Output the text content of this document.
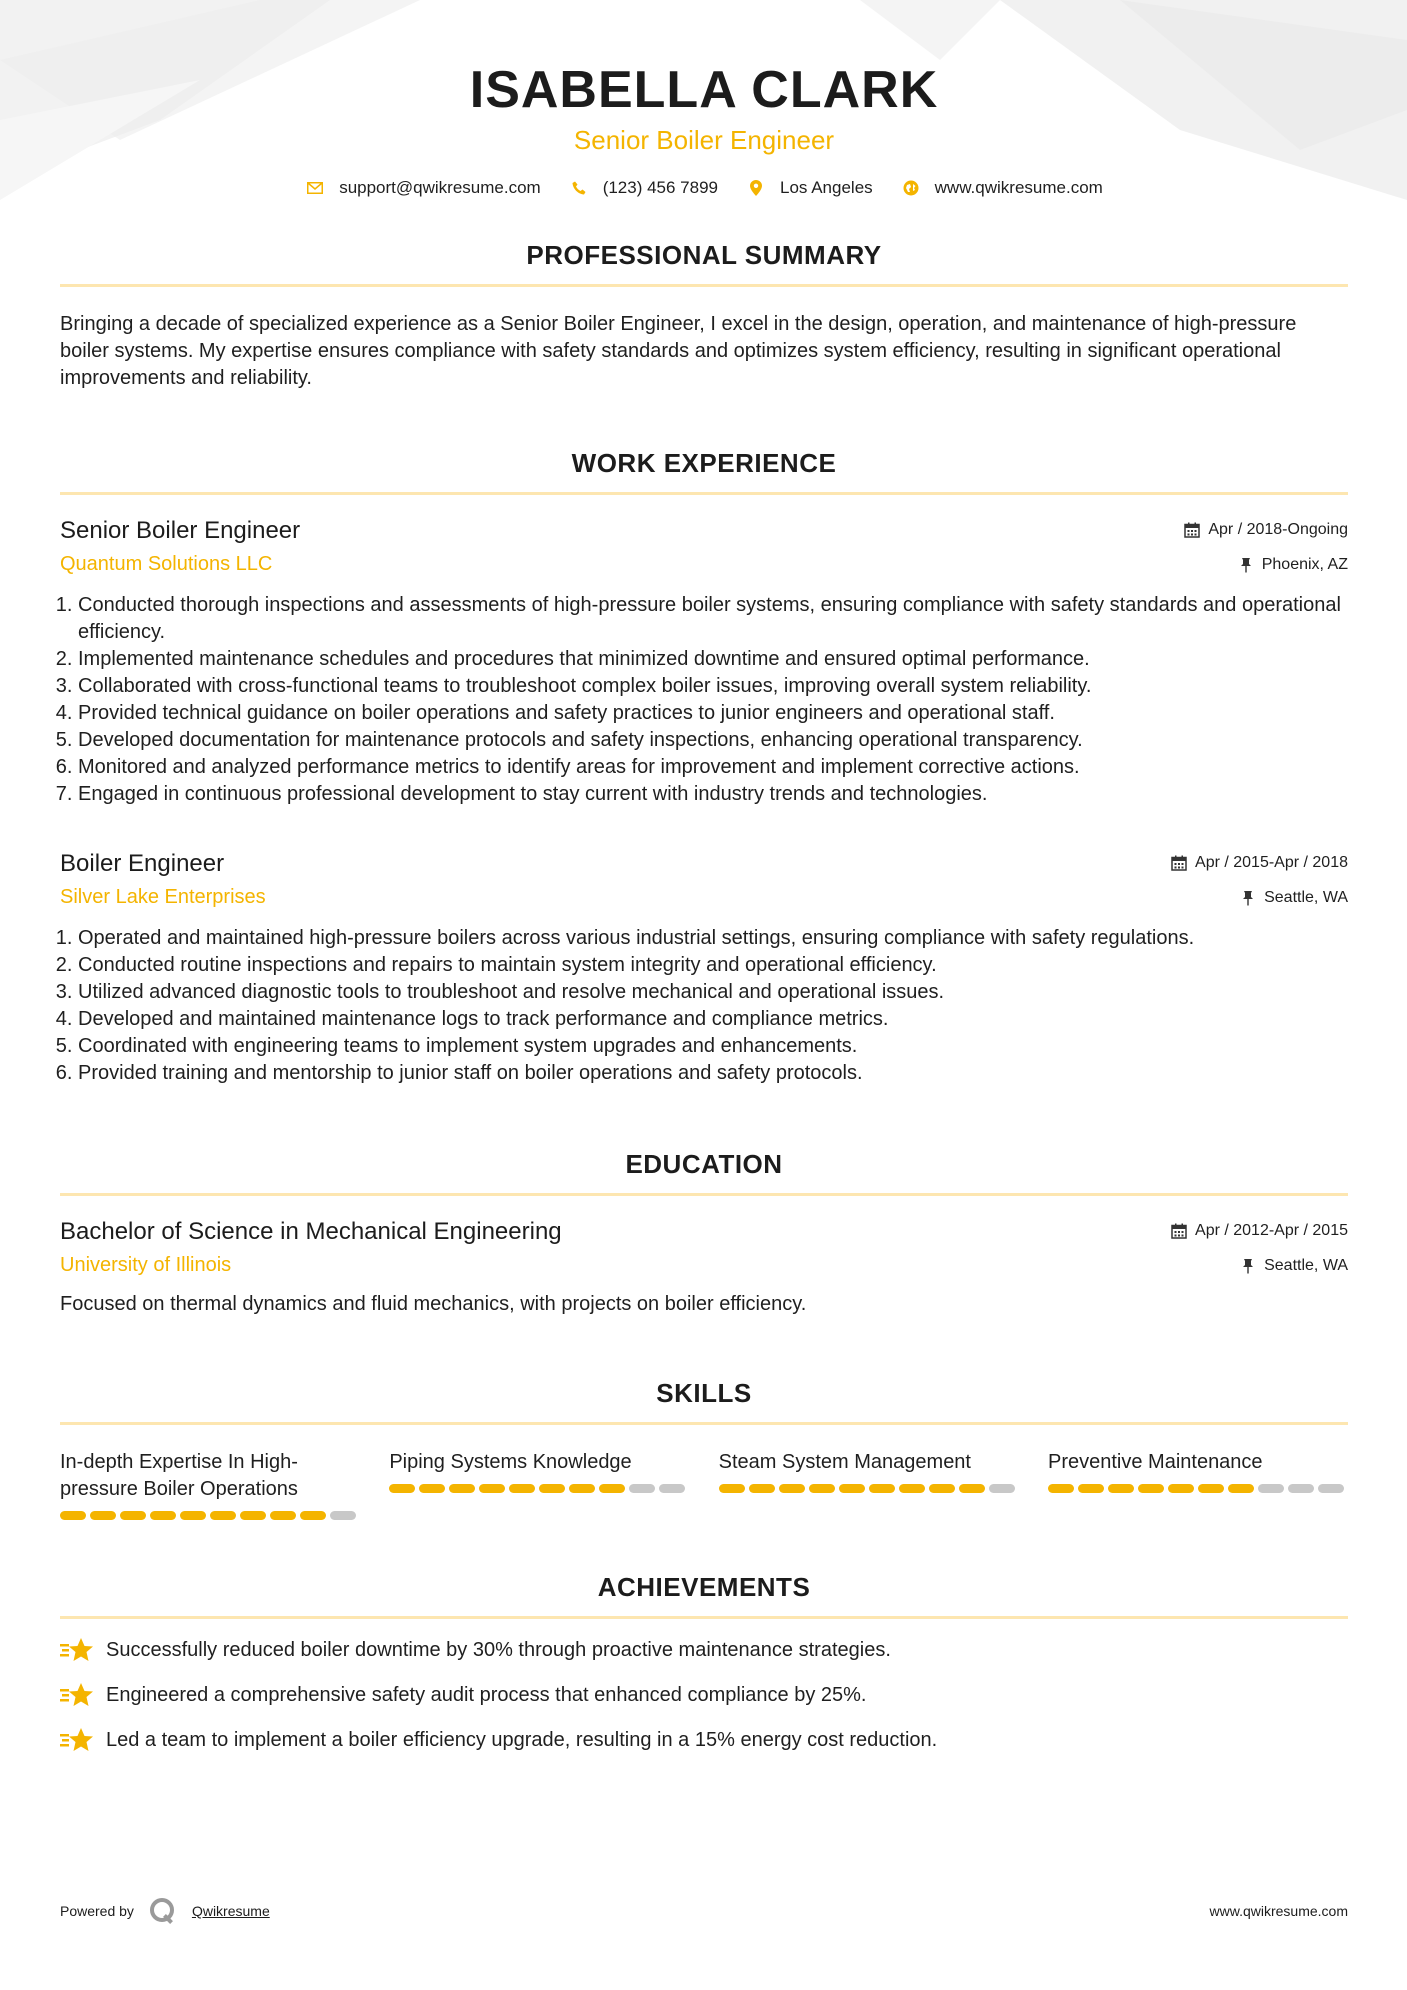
ISABELLA CLARK
Senior Boiler Engineer
support@qwikresume.com	(123) 456 7899	Los Angeles	www.qwikresume.com
PROFESSIONAL SUMMARY
Bringing a decade of specialized experience as a Senior Boiler Engineer, I excel in the design, operation, and maintenance of high-pressure boiler systems. My expertise ensures compliance with safety standards and optimizes system efficiency, resulting in significant operational improvements and reliability.
WORK EXPERIENCE
Senior Boiler Engineer	Apr / 2018-Ongoing
Quantum Solutions LLC	Phoenix, AZ
1. Conducted thorough inspections and assessments of high-pressure boiler systems, ensuring compliance with safety standards and operational efficiency.
2. Implemented maintenance schedules and procedures that minimized downtime and ensured optimal performance.
3. Collaborated with cross-functional teams to troubleshoot complex boiler issues, improving overall system reliability.
4. Provided technical guidance on boiler operations and safety practices to junior engineers and operational staff.
5. Developed documentation for maintenance protocols and safety inspections, enhancing operational transparency.
6. Monitored and analyzed performance metrics to identify areas for improvement and implement corrective actions.
7. Engaged in continuous professional development to stay current with industry trends and technologies.
Boiler Engineer	Apr / 2015-Apr / 2018
Silver Lake Enterprises	Seattle, WA
1. Operated and maintained high-pressure boilers across various industrial settings, ensuring compliance with safety regulations.
2. Conducted routine inspections and repairs to maintain system integrity and operational efficiency.
3. Utilized advanced diagnostic tools to troubleshoot and resolve mechanical and operational issues.
4. Developed and maintained maintenance logs to track performance and compliance metrics.
5. Coordinated with engineering teams to implement system upgrades and enhancements.
6. Provided training and mentorship to junior staff on boiler operations and safety protocols.
EDUCATION
Bachelor of Science in Mechanical Engineering	Apr / 2012-Apr / 2015
University of Illinois	Seattle, WA
Focused on thermal dynamics and fluid mechanics, with projects on boiler efficiency.
SKILLS
In-depth Expertise In High-pressure Boiler Operations
Piping Systems Knowledge	Steam System Management	Preventive Maintenance
ACHIEVEMENTS
Successfully reduced boiler downtime by 30% through proactive maintenance strategies.
Engineered a comprehensive safety audit process that enhanced compliance by 25%.
Led a team to implement a boiler efficiency upgrade, resulting in a 15% energy cost reduction.
Powered by	Qwikresume	www.qwikresume.com
